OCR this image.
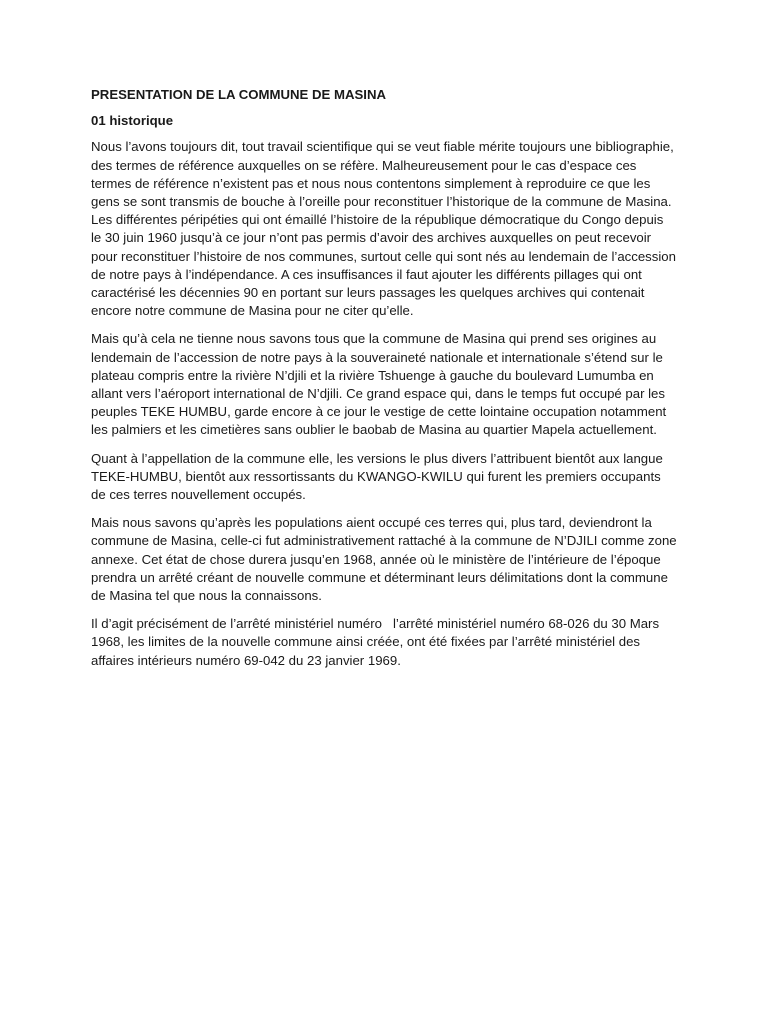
PRESENTATION DE LA COMMUNE DE MASINA
01 historique

Nous l’avons toujours dit, tout travail scientifique qui se veut fiable mérite toujours une bibliographie, des termes de référence auxquelles on se réfère. Malheureusement pour le cas d’espace ces termes de référence n’existent pas et nous nous contentons simplement à reproduire ce que les gens se sont transmis de bouche à l’oreille pour reconstituer l’historique de la commune de Masina. Les différentes péripéties qui ont émaillé l’histoire de la république démocratique du Congo depuis le 30 juin 1960 jusqu’à ce jour n’ont pas permis d’avoir des archives auxquelles on peut recevoir pour reconstituer l’histoire de nos communes, surtout celle qui sont nés au lendemain de l’accession de notre pays à l’indépendance. A ces insuffisances il faut ajouter les différents pillages qui ont caractérisé les décennies 90 en portant sur leurs passages les quelques archives qui contenait encore notre commune de Masina pour ne citer qu’elle.

Mais qu’à cela ne tienne nous savons tous que la commune de Masina qui prend ses origines au lendemain de l’accession de notre pays à la souveraineté nationale et internationale s’étend sur le plateau compris entre la rivière N’djili et la rivière Tshuenge à gauche du boulevard Lumumba en allant vers l’aéroport international de N’djili. Ce grand espace qui, dans le temps fut occupé par les peuples TEKE HUMBU, garde encore à ce jour le vestige de cette lointaine occupation notamment les palmiers et les cimetières sans oublier le baobab de Masina au quartier Mapela actuellement.

Quant à l’appellation de la commune elle, les versions le plus divers l’attribuent bientôt aux langue TEKE-HUMBU, bientôt aux ressortissants du KWANGO-KWILU qui furent les premiers occupants de ces terres nouvellement occupés.

Mais nous savons qu’après les populations aient occupé ces terres qui, plus tard, deviendront la commune de Masina, celle-ci fut administrativement rattaché à la commune de N’DJILI comme zone annexe. Cet état de chose durera jusqu’en 1968, année où le ministère de l’intérieure de l’époque prendra un arrêté créant de nouvelle commune et déterminant leurs délimitations dont la commune de Masina tel que nous la connaissons.

Il d’agit précisément de l’arrêté ministériel numéro   l’arrêté ministériel numéro 68-026 du 30 Mars 1968, les limites de la nouvelle commune ainsi créée, ont été fixées par l’arrêté ministériel des affaires intérieurs numéro 69-042 du 23 janvier 1969.
